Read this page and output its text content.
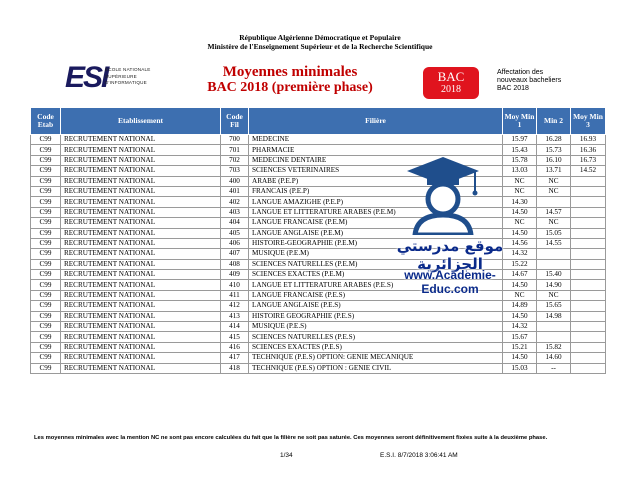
République Algérienne Démocratique et Populaire
Ministère de l'Enseignement Supérieur et de la Recherche Scientifique
ESI
ÉCOLE NATIONALE
SUPÉRIEURE
D'INFORMATIQUE
Moyennes minimales
BAC 2018 (première phase)
BAC
2018
Affectation des
nouveaux bacheliers
BAC 2018
Code Etab	Etablissement	Code Fil	Filière	Moy Min 1	Min 2	Moy Min 3
C99	RECRUTEMENT NATIONAL	700	MEDECINE	15.97	16.28	16.93
C99	RECRUTEMENT NATIONAL	701	PHARMACIE	15.43	15.73	16.36
C99	RECRUTEMENT NATIONAL	702	MEDECINE DENTAIRE	15.78	16.10	16.73
C99	RECRUTEMENT NATIONAL	703	SCIENCES VETERINAIRES	13.03	13.71	14.52
C99	RECRUTEMENT NATIONAL	400	ARABE (P.E.P)	NC	NC	
C99	RECRUTEMENT NATIONAL	401	FRANCAIS (P.E.P)	NC	NC	
C99	RECRUTEMENT NATIONAL	402	LANGUE AMAZIGHE (P.E.P)	14.30		
C99	RECRUTEMENT NATIONAL	403	LANGUE ET LITTERATURE ARABES (P.E.M)	14.50	14.57	
C99	RECRUTEMENT NATIONAL	404	LANGUE FRANCAISE (P.E.M)	NC	NC	
C99	RECRUTEMENT NATIONAL	405	LANGUE ANGLAISE (P.E.M)	14.50	15.05	
C99	RECRUTEMENT NATIONAL	406	HISTOIRE-GEOGRAPHIE (P.E.M)	14.56	14.55	
C99	RECRUTEMENT NATIONAL	407	MUSIQUE (P.E.M)	14.32		
C99	RECRUTEMENT NATIONAL	408	SCIENCES NATURELLES (P.E.M)	15.22		
C99	RECRUTEMENT NATIONAL	409	SCIENCES EXACTES (P.E.M)	14.67	15.40	
C99	RECRUTEMENT NATIONAL	410	LANGUE ET LITTERATURE ARABES (P.E.S)	14.50	14.90	
C99	RECRUTEMENT NATIONAL	411	LANGUE FRANCAISE (P.E.S)	NC	NC	
C99	RECRUTEMENT NATIONAL	412	LANGUE ANGLAISE (P.E.S)	14.89	15.65	
C99	RECRUTEMENT NATIONAL	413	HISTOIRE GEOGRAPHIE (P.E.S)	14.50	14.98	
C99	RECRUTEMENT NATIONAL	414	MUSIQUE (P.E.S)	14.32		
C99	RECRUTEMENT NATIONAL	415	SCIENCES NATURELLES (P.E.S)	15.67		
C99	RECRUTEMENT NATIONAL	416	SCIENCES EXACTES (P.E.S)	15.21	15.82	
C99	RECRUTEMENT NATIONAL	417	TECHNIQUE (P.E.S) OPTION: GENIE MECANIQUE	14.50	14.60	
C99	RECRUTEMENT NATIONAL	418	TECHNIQUE (P.E.S) OPTION : GENIE CIVIL	15.03	--	
موقع مدرستي الجزائرية
www.Academie-Educ.com
Les moyennes minimales avec la mention NC ne sont pas encore calculées du fait que la filière ne soit pas saturée. Ces moyennes seront définitivement fixées suite à la deuxième phase.
1/34	E.S.I. 8/7/2018 3:06:41 AM
